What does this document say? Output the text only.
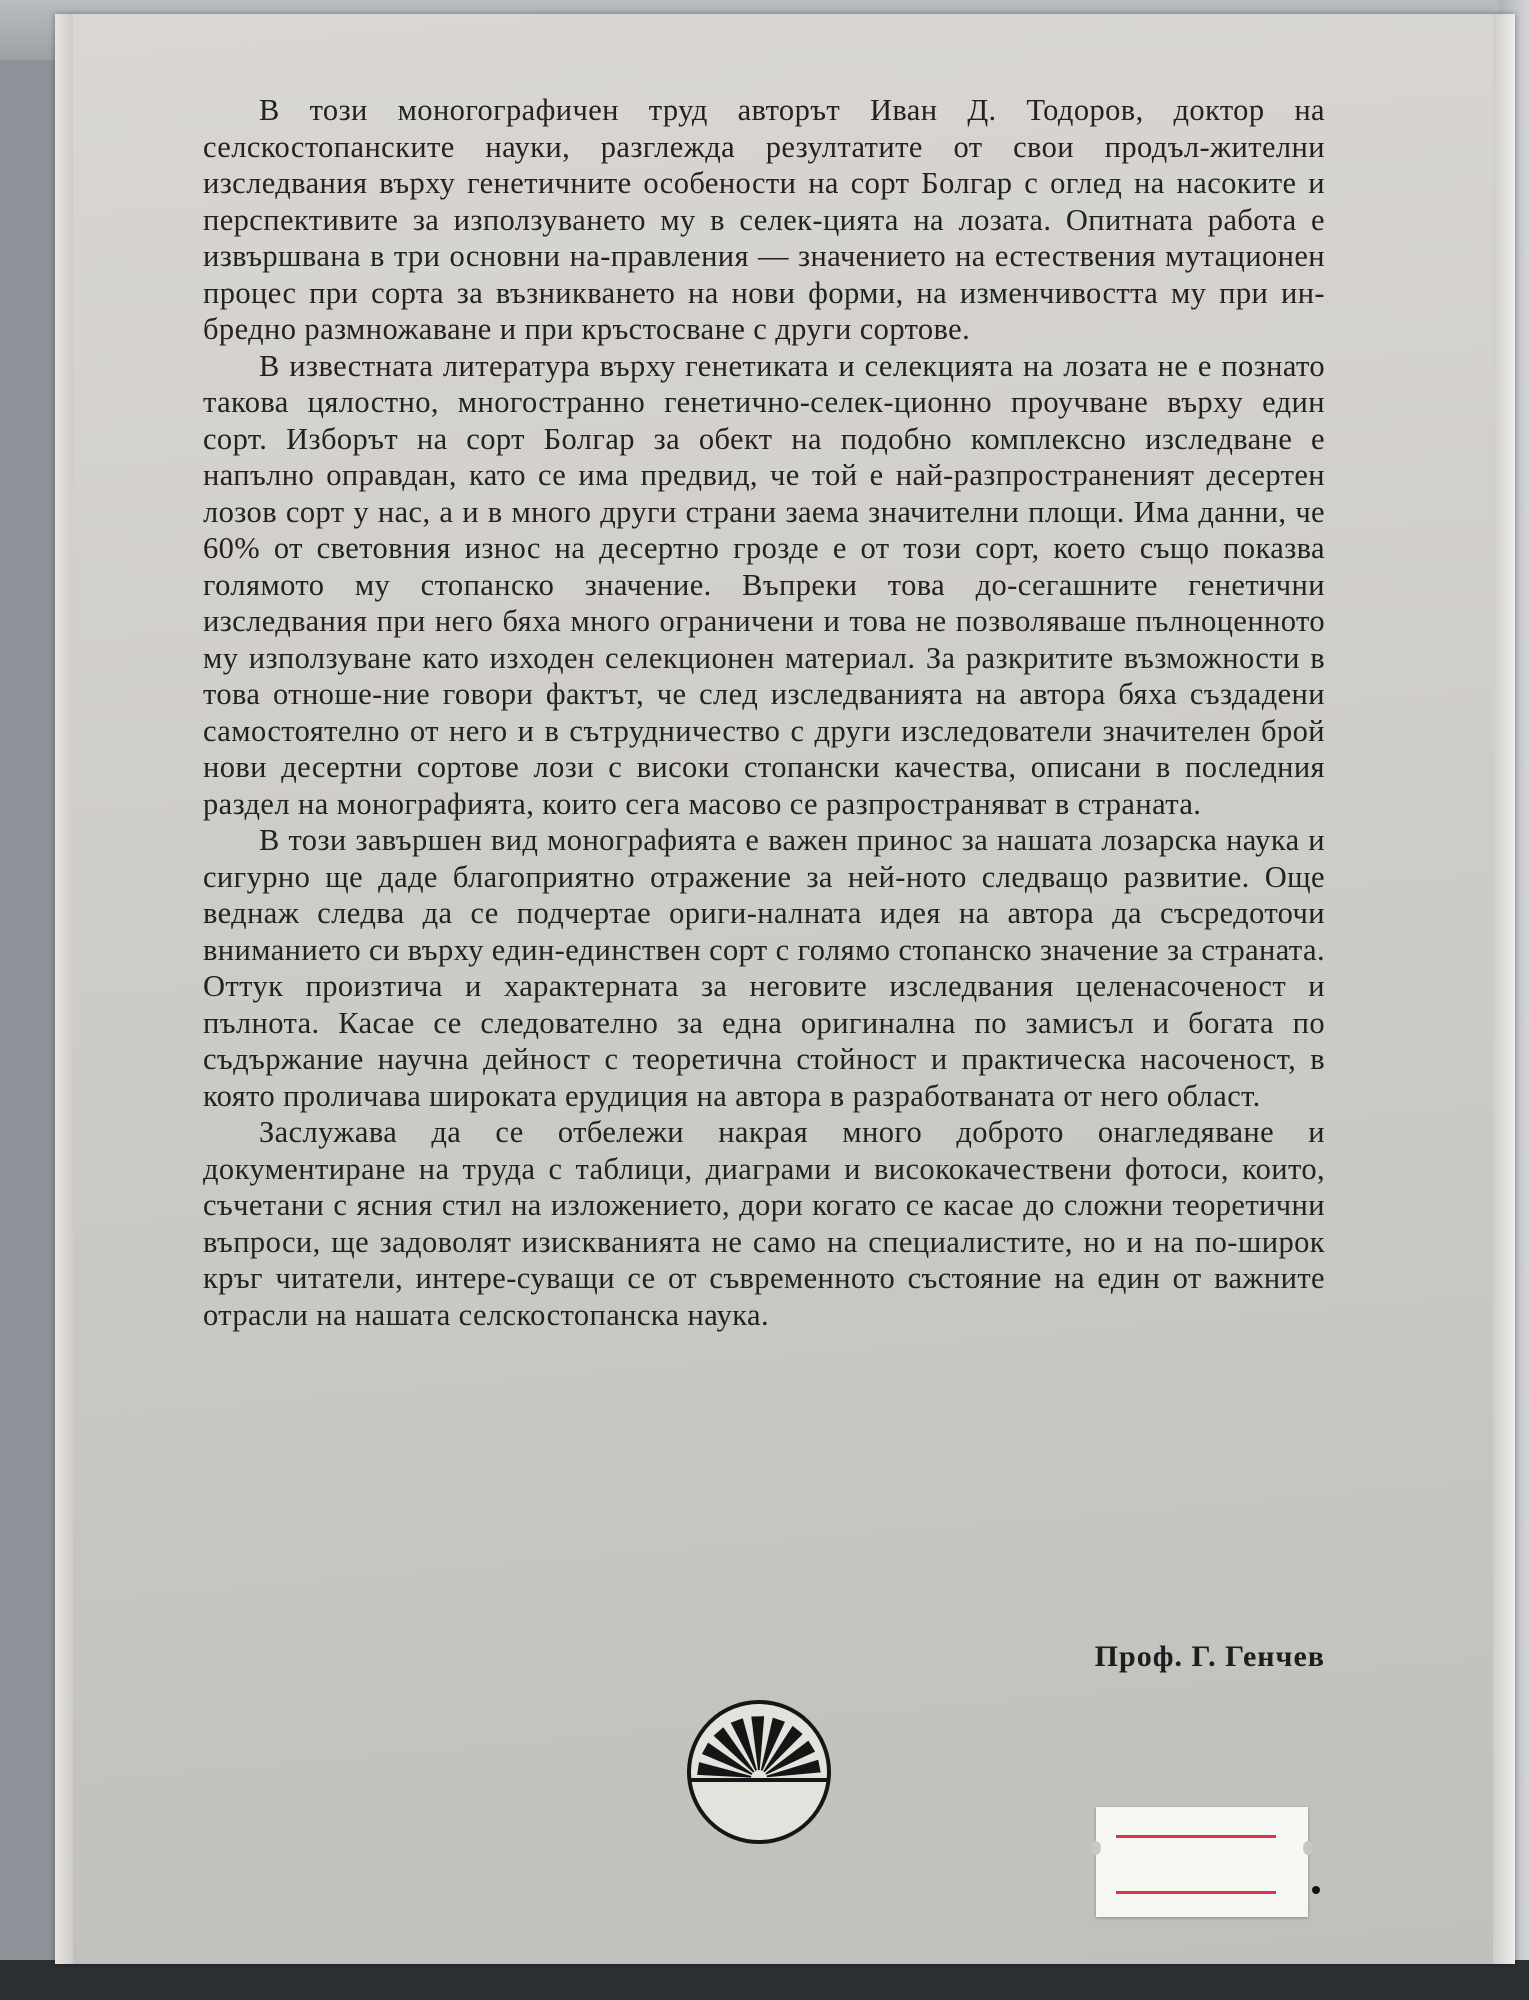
В този моногографичен труд авторът Иван Д. Тодоров, доктор на селскостопанските науки, разглежда резултатите от свои продъл-жителни изследвания върху генетичните особености на сорт Болгар с оглед на насоките и перспективите за използуването му в селек-цията на лозата. Опитната работа е извършвана в три основни на-правления — значението на естествения мутационен процес при сорта за възникването на нови форми, на изменчивостта му при ин-бредно размножаване и при кръстосване с други сортове.

В известната литература върху генетиката и селекцията на лозата не е познато такова цялостно, многостранно генетично-селек-ционно проучване върху един сорт. Изборът на сорт Болгар за обект на подобно комплексно изследване е напълно оправдан, като се има предвид, че той е най-разпространеният десертен лозов сорт у нас, а и в много други страни заема значителни площи. Има данни, че 60% от световния износ на десертно грозде е от този сорт, което също показва голямото му стопанско значение. Въпреки това до-сегашните генетични изследвания при него бяха много ограничени и това не позволяваше пълноценното му използуване като изходен селекционен материал. За разкритите възможности в това отноше-ние говори фактът, че след изследванията на автора бяха създадени самостоятелно от него и в сътрудничество с други изследователи значителен брой нови десертни сортове лози с високи стопански качества, описани в последния раздел на монографията, които сега масово се разпространяват в страната.

В този завършен вид монографията е важен принос за нашата лозарска наука и сигурно ще даде благоприятно отражение за ней-ното следващо развитие. Още веднаж следва да се подчертае ориги-налната идея на автора да съсредоточи вниманието си върху един-единствен сорт с голямо стопанско значение за страната. Оттук произтича и характерната за неговите изследвания целенасоченост и пълнота. Касае се следователно за една оригинална по замисъл и богата по съдържание научна дейност с теоретична стойност и практическа насоченост, в която проличава широката ерудиция на автора в разработваната от него област.

Заслужава да се отбележи накрая много доброто онагледяване и документиране на труда с таблици, диаграми и висококачествени фотоси, които, съчетани с ясния стил на изложението, дори когато се касае до сложни теоретични въпроси, ще задоволят изискванията не само на специалистите, но и на по-широк кръг читатели, интере-суващи се от съвременното състояние на един от важните отрасли на нашата селскостопанска наука.

Проф. Г. Генчев
